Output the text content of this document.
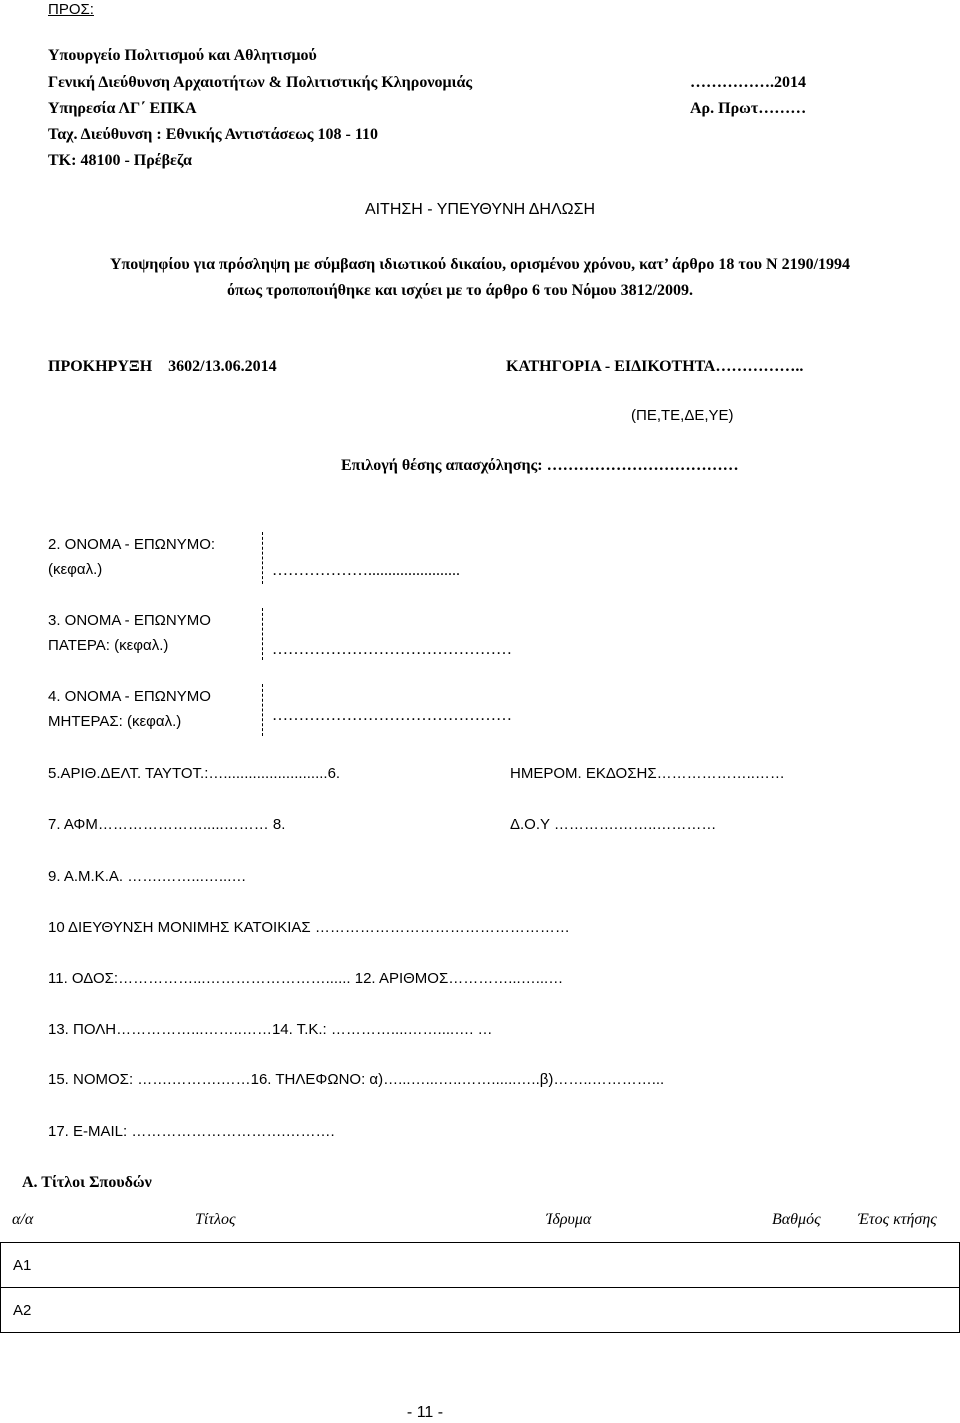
ΠΡΟΣ:
Υπουργείο Πολιτισμού και Αθλητισμού
Γενική Διεύθυνση Αρχαιοτήτων & Πολιτιστικής Κληρονομιάς
Υπηρεσία ΛΓ΄ ΕΠΚΑ
Ταχ. Διεύθυνση : Εθνικής Αντιστάσεως 108 - 110
ΤΚ: 48100 - Πρέβεζα
…………….2014
Αρ. Πρωτ………
ΑΙΤΗΣΗ - ΥΠΕΥΘΥΝΗ ΔΗΛΩΣΗ
Υποψηφίου για πρόσληψη με σύμβαση ιδιωτικού δικαίου, ορισμένου χρόνου, κατ’ άρθρο 18 του Ν 2190/1994
όπως τροποποιήθηκε και ισχύει με το άρθρο 6 του Νόμου 3812/2009.
ΠΡΟΚΗΡΥΞΗ    3602/13.06.2014	ΚΑΤΗΓΟΡΙΑ - ΕΙΔΙΚΟΤΗΤΑ……………..
(ΠΕ,ΤΕ,ΔΕ,ΥΕ)
Επιλογή θέσης απασχόλησης: ………………………………
2. ΟΝΟΜΑ - ΕΠΩΝΥΜΟ:
(κεφαλ.)	……………….......................
3. ΟΝΟΜΑ - ΕΠΩΝΥΜΟ
ΠΑΤΕΡΑ: (κεφαλ.)	………………………………………
4. ΟΝΟΜΑ - ΕΠΩΝΥΜΟ
ΜΗΤΕΡΑΣ: (κεφαλ.)	………………………………………
5.ΑΡΙΘ.ΔΕΛΤ. ΤΑΥΤΟΤ.:….........................6.	ΗΜΕΡΟΜ. ΕΚΔΟΣΗΣ………………..……
7. ΑΦΜ………………….....……… 8.	Δ.Ο.Υ ………….……..…………
9. Α.Μ.Κ.Α. …….……...…...…
10 ΔΙΕΥΘΥΝΣΗ ΜΟΝΙΜΗΣ ΚΑΤΟΙΚΙΑΣ ……………………………………………
11. ΟΔΟΣ:……………...……………………...... 12. ΑΡΙΘΜΟΣ…………...…...…
13. ΠΟΛΗ……………...……..……14. Τ.Κ.: …………....……....…. …
15. ΝΟΜΟΣ: …….……….……16. ΤΗΛΕΦΩΝΟ: α)…...…...…..……......…..β)……..…………...
17. E-MAIL: ………………………….……….
Α. Τίτλοι Σπουδών
α/α	Τίτλος	Ίδρυμα	Βαθμός Έτος κτήσης
Α1
Α2
- 11 -
